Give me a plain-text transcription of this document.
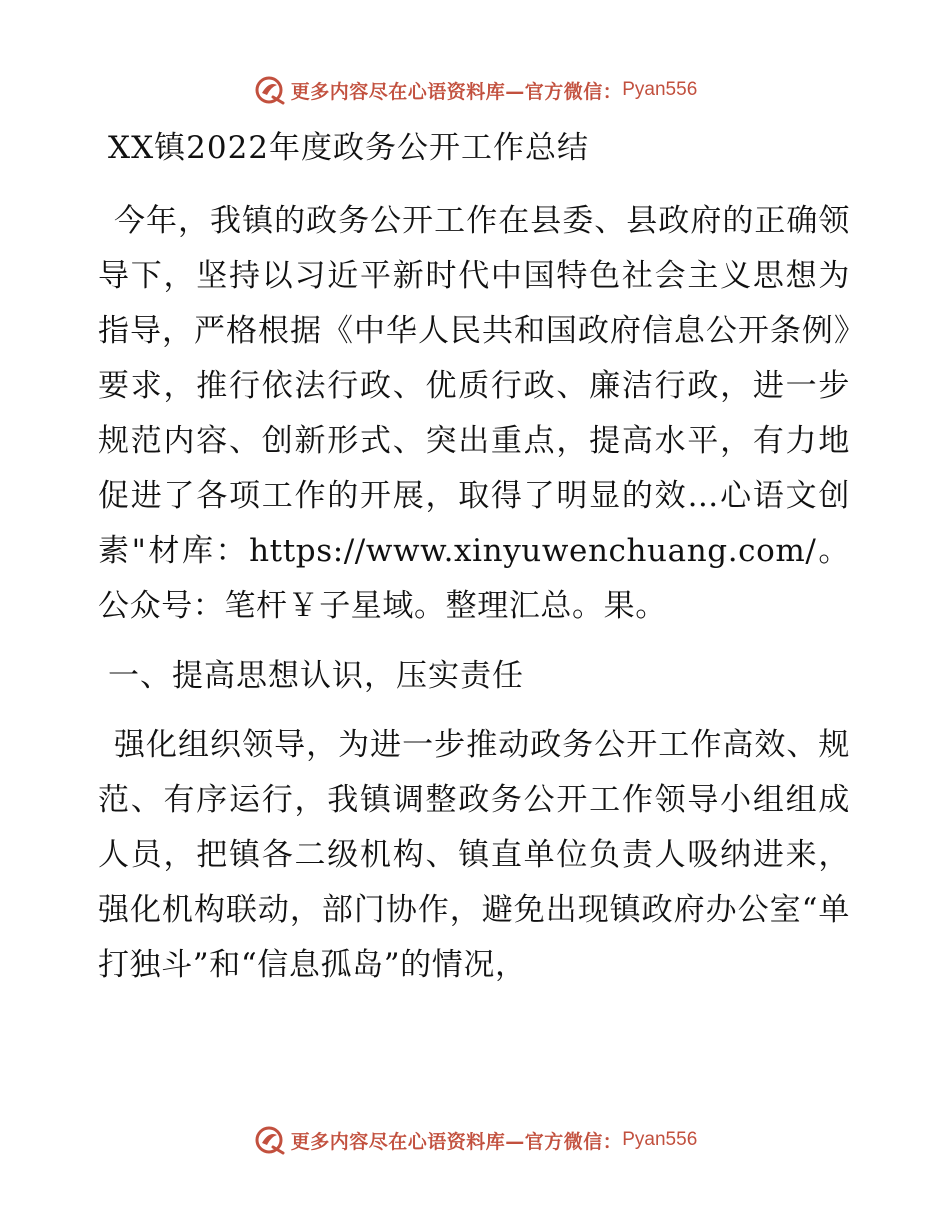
更多内容尽在心语资料库—官方微信： Pyan556
XX镇2022年度政务公开工作总结

今年，我镇的政务公开工作在县委、县政府的正确领导下，坚持以习近平新时代中国特色社会主义思想为指导，严格根据《中华人民共和国政府信息公开条例》要求，推行依法行政、优质行政、廉洁行政，进一步规范内容、创新形式、突出重点，提高水平，有力地促进了各项工作的开展，取得了明显的效…心语文创素"材库：https://www.xinyuwenchuang.com/。公众号：笔杆￥子星域。整理汇总。果。

一、提高思想认识，压实责任

强化组织领导，为进一步推动政务公开工作高效、规范、有序运行，我镇调整政务公开工作领导小组组成人员，把镇各二级机构、镇直单位负责人吸纳进来，强化机构联动，部门协作，避免出现镇政府办公室“单打独斗”和“信息孤岛”的情况，

更多内容尽在心语资料库—官方微信： Pyan556
